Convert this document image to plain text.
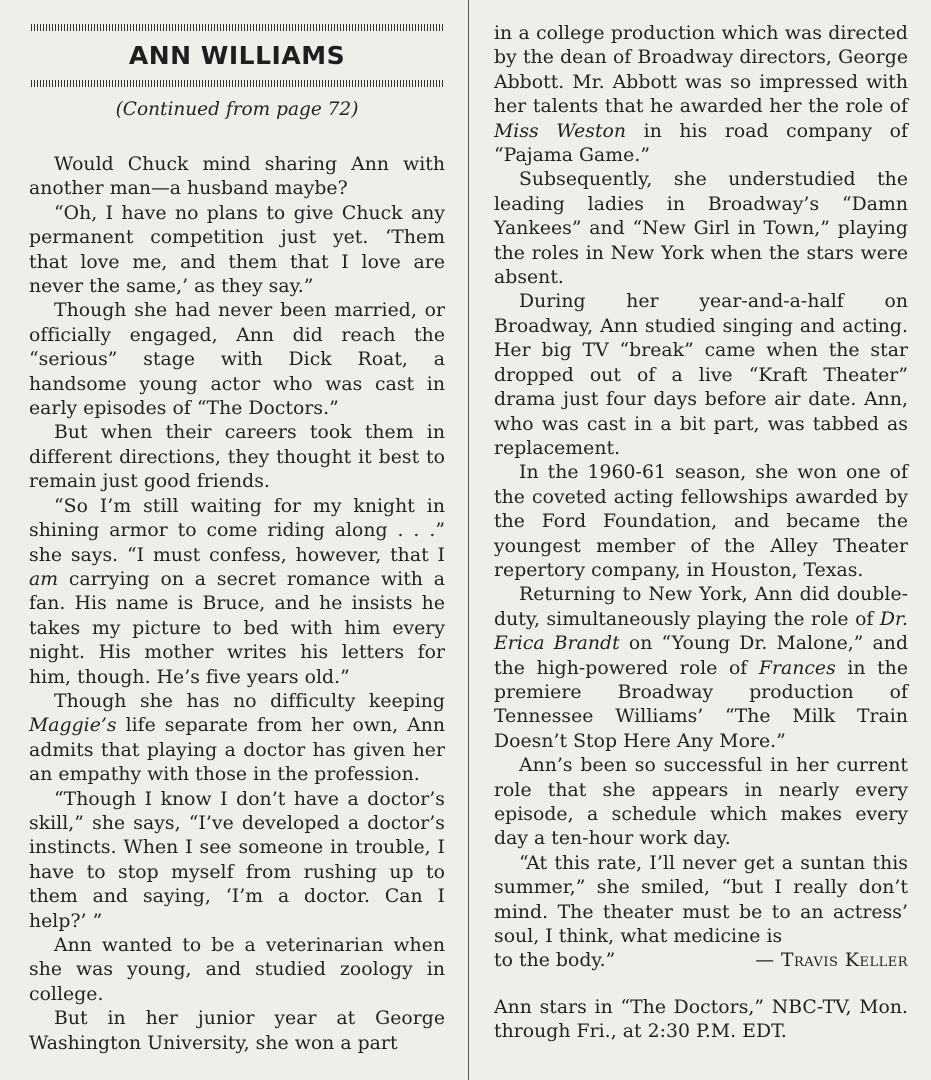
ANN WILLIAMS
(Continued from page 72)

Would Chuck mind sharing Ann with another man—a husband maybe?

“Oh, I have no plans to give Chuck any permanent competition just yet. ‘Them that love me, and them that I love are never the same,’ as they say.”

Though she had never been married, or officially engaged, Ann did reach the “serious” stage with Dick Roat, a handsome young actor who was cast in early episodes of “The Doctors.”

But when their careers took them in different directions, they thought it best to remain just good friends.

“So I’m still waiting for my knight in shining armor to come riding along . . .” she says. “I must confess, however, that I am carrying on a secret romance with a fan. His name is Bruce, and he insists he takes my picture to bed with him every night. His mother writes his letters for him, though. He’s five years old.”

Though she has no difficulty keeping Maggie’s life separate from her own, Ann admits that playing a doctor has given her an empathy with those in the profession.

“Though I know I don’t have a doctor’s skill,” she says, “I’ve developed a doctor’s instincts. When I see someone in trouble, I have to stop myself from rushing up to them and saying, ‘I’m a doctor. Can I help?’ ”

Ann wanted to be a veterinarian when she was young, and studied zoology in college.

But in her junior year at George Washington University, she won a part

in a college production which was directed by the dean of Broadway directors, George Abbott. Mr. Abbott was so impressed with her talents that he awarded her the role of Miss Weston in his road company of “Pajama Game.”

Subsequently, she understudied the leading ladies in Broadway’s “Damn Yankees” and “New Girl in Town,” playing the roles in New York when the stars were absent.

During her year-and-a-half on Broadway, Ann studied singing and acting. Her big TV “break” came when the star dropped out of a live “Kraft Theater” drama just four days before air date. Ann, who was cast in a bit part, was tabbed as replacement.

In the 1960-61 season, she won one of the coveted acting fellowships awarded by the Ford Foundation, and became the youngest member of the Alley Theater repertory company, in Houston, Texas.

Returning to New York, Ann did double-duty, simultaneously playing the role of Dr. Erica Brandt on “Young Dr. Malone,” and the high-powered role of Frances in the premiere Broadway production of Tennessee Williams’ “The Milk Train Doesn’t Stop Here Any More.”

Ann’s been so successful in her current role that she appears in nearly every episode, a schedule which makes every day a ten-hour work day.

“At this rate, I’ll never get a suntan this summer,” she smiled, “but I really don’t mind. The theater must be to an actress’ soul, I think, what medicine is

to the body.”	— Travis Keller

Ann stars in “The Doctors,” NBC-TV, Mon. through Fri., at 2:30 P.M. EDT.
